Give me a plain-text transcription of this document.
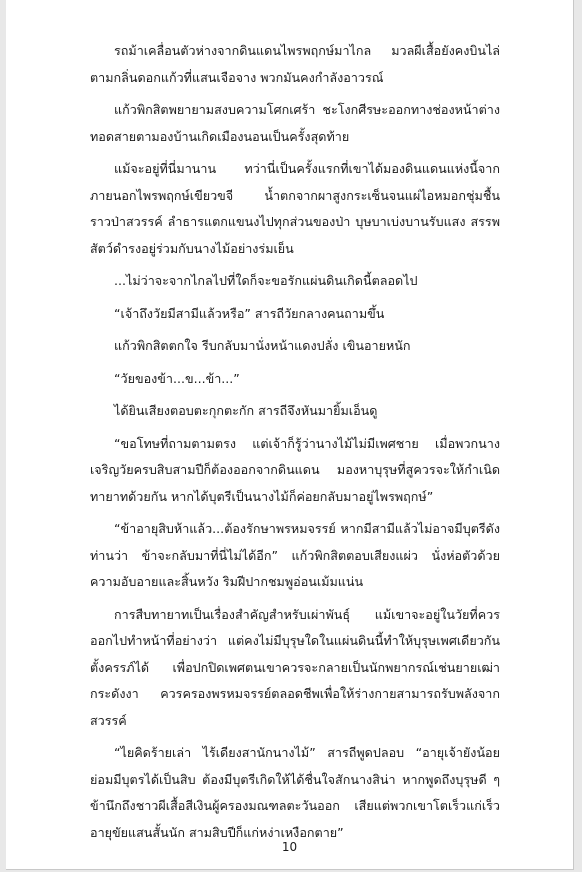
รถม้าเคลื่อนตัวห่างจากดินแดนไพรพฤกษ์มาไกล มวลผีเสื้อยังคงบินไล่ตามกลิ่นดอกแก้วที่แสนเจือจาง พวกมันคงกำลังอาวรณ์

แก้วพิกสิตพยายามสงบความโศกเศร้า ชะโงกศีรษะออกทางช่องหน้าต่างทอดสายตามองบ้านเกิดเมืองนอนเป็นครั้งสุดท้าย

แม้จะอยู่ที่นี่มานาน ทว่านี่เป็นครั้งแรกที่เขาได้มองดินแดนแห่งนี้จากภายนอกไพรพฤกษ์เขียวขจี น้ำตกจากผาสูงกระเซ็นจนแผ่ไอหมอกชุ่มชื้นราวป่าสวรรค์ ลำธารแตกแขนงไปทุกส่วนของป่า บุษบาเบ่งบานรับแสง สรรพสัตว์ดำรงอยู่ร่วมกับนางไม้อย่างร่มเย็น

...ไม่ว่าจะจากไกลไปที่ใดก็จะขอรักแผ่นดินเกิดนี้ตลอดไป

“เจ้าถึงวัยมีสามีแล้วหรือ” สารถีวัยกลางคนถามขึ้น

แก้วพิกสิตตกใจ รีบกลับมานั่งหน้าแดงปลั่ง เขินอายหนัก

“วัยของข้า...ข...ข้า...”

ได้ยินเสียงตอบตะกุกตะกัก สารถีจึงหันมายิ้มเอ็นดู

“ขอโทษที่ถามตามตรง แต่เจ้าก็รู้ว่านางไม้ไม่มีเพศชาย เมื่อพวกนางเจริญวัยครบสิบสามปีก็ต้องออกจากดินแดน มองหาบุรุษที่สูควรจะให้กำเนิดทายาทด้วยกัน หากได้บุตรีเป็นนางไม้ก็ค่อยกลับมาอยู่ไพรพฤกษ์”

“ข้าอายุสิบห้าแล้ว...ต้องรักษาพรหมจรรย์ หากมีสามีแล้วไม่อาจมีบุตรีดังท่านว่า ข้าจะกลับมาที่นี่ไม่ได้อีก” แก้วพิกสิตตอบเสียงแผ่ว นั่งห่อตัวด้วยความอับอายและสิ้นหวัง ริมฝีปากชมพูอ่อนเม้มแน่น

การสืบทายาทเป็นเรื่องสำคัญสำหรับเผ่าพันธุ์ แม้เขาจะอยู่ในวัยที่ควรออกไปทำหน้าที่อย่างว่า แต่คงไม่มีบุรุษใดในแผ่นดินนี้ทำให้บุรุษเพศเดียวกันตั้งครรภ์ได้ เพื่อปกปิดเพศตนเขาควรจะกลายเป็นนักพยากรณ์เช่นยายเฒ่ากระดังงา ควรครองพรหมจรรย์ตลอดชีพเพื่อให้ร่างกายสามารถรับพลังจากสวรรค์

“ไยคิดร้ายเล่า ไร้เดียงสานักนางไม้” สารถีพูดปลอบ “อายุเจ้ายังน้อยย่อมมีบุตรได้เป็นสิบ ต้องมีบุตรีเกิดให้ได้ชื่นใจสักนางสิน่า หากพูดถึงบุรุษดี ๆ ข้านึกถึงชาวผีเสื้อสีเงินผู้ครองมณฑลตะวันออก เสียแต่พวกเขาโตเร็วแก่เร็ว อายุขัยแสนสั้นนัก สามสิบปีก็แก่หง่าเหงือกตาย”

10
